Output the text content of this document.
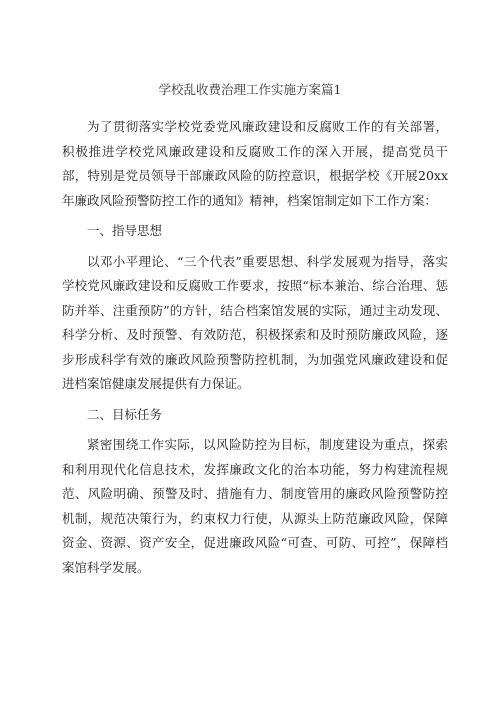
学校乱收费治理工作实施方案篇1

为了贯彻落实学校党委党风廉政建设和反腐败工作的有关部署，积极推进学校党风廉政建设和反腐败工作的深入开展，提高党员干部，特别是党员领导干部廉政风险的防控意识，根据学校《开展20xx年廉政风险预警防控工作的通知》精神，档案馆制定如下工作方案：

一、指导思想

以邓小平理论、“三个代表”重要思想、科学发展观为指导，落实学校党风廉政建设和反腐败工作要求，按照“标本兼治、综合治理、惩防并举、注重预防”的方针，结合档案馆发展的实际，通过主动发现、科学分析、及时预警、有效防范，积极探索和及时预防廉政风险，逐步形成科学有效的廉政风险预警防控机制，为加强党风廉政建设和促进档案馆健康发展提供有力保证。

二、目标任务

紧密围绕工作实际，以风险防控为目标，制度建设为重点，探索和利用现代化信息技术，发挥廉政文化的治本功能，努力构建流程规范、风险明确、预警及时、措施有力、制度管用的廉政风险预警防控机制，规范决策行为，约束权力行使，从源头上防范廉政风险，保障资金、资源、资产安全，促进廉政风险“可查、可防、可控”，保障档案馆科学发展。
